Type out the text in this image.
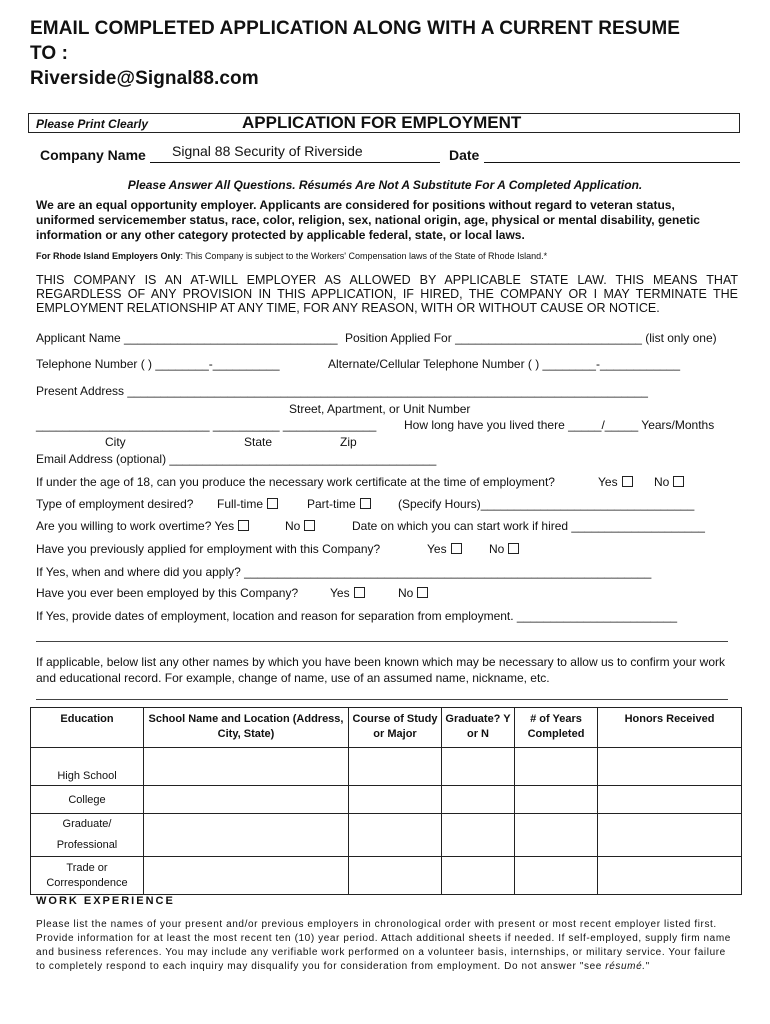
EMAIL COMPLETED APPLICATION ALONG WITH A CURRENT RESUME
TO :
Riverside@Signal88.com
Please Print Clearly	APPLICATION FOR EMPLOYMENT
Company Name Signal 88 Security of Riverside	Date
Please Answer All Questions. Résumés Are Not A Substitute For A Completed Application.
We are an equal opportunity employer. Applicants are considered for positions without regard to veteran status, uniformed servicemember status, race, color, religion, sex, national origin, age, physical or mental disability, genetic information or any other category protected by applicable federal, state, or local laws.
For Rhode Island Employers Only: This Company is subject to the Workers' Compensation laws of the State of Rhode Island.*
THIS COMPANY IS AN AT-WILL EMPLOYER AS ALLOWED BY APPLICABLE STATE LAW. THIS MEANS THAT REGARDLESS OF ANY PROVISION IN THIS APPLICATION, IF HIRED, THE COMPANY OR I MAY TERMINATE THE EMPLOYMENT RELATIONSHIP AT ANY TIME, FOR ANY REASON, WITH OR WITHOUT CAUSE OR NOTICE.
Applicant Name ________________________________ Position Applied For ____________________________ (list only one)
Telephone Number ( ) ________-__________	Alternate/Cellular Telephone Number ( ) ________-____________
Present Address ______________________________________________________________________________
Street, Apartment, or Unit Number
__________________________ __________ ______________ How long have you lived there _____/_____ Years/Months
City	State	Zip
Email Address (optional) ________________________________________
If under the age of 18, can you produce the necessary work certificate at the time of employment?	Yes	No
Type of employment desired? Full-time	Part-time	(Specify Hours)________________________________
Are you willing to work overtime? Yes	No	Date on which you can start work if hired ____________________
Have you previously applied for employment with this Company?	Yes	No
If Yes, when and where did you apply? _____________________________________________________________
Have you ever been employed by this Company?	Yes	No
If Yes, provide dates of employment, location and reason for separation from employment. ________________________
If applicable, below list any other names by which you have been known which may be necessary to allow us to confirm your work and educational record. For example, change of name, use of an assumed name, nickname, etc.
Education	School Name and Location (Address, City, State)	Course of Study or Major	Graduate? Y or N	# of Years Completed	Honors Received
High School					
College					
Graduate/ Professional					
Trade or Correspondence					
WORK EXPERIENCE
Please list the names of your present and/or previous employers in chronological order with present or most recent employer listed first. Provide information for at least the most recent ten (10) year period. Attach additional sheets if needed. If self-employed, supply firm name and business references. You may include any verifiable work performed on a volunteer basis, internships, or military service. Your failure to completely respond to each inquiry may disqualify you for consideration from employment. Do not answer "see résumé."
